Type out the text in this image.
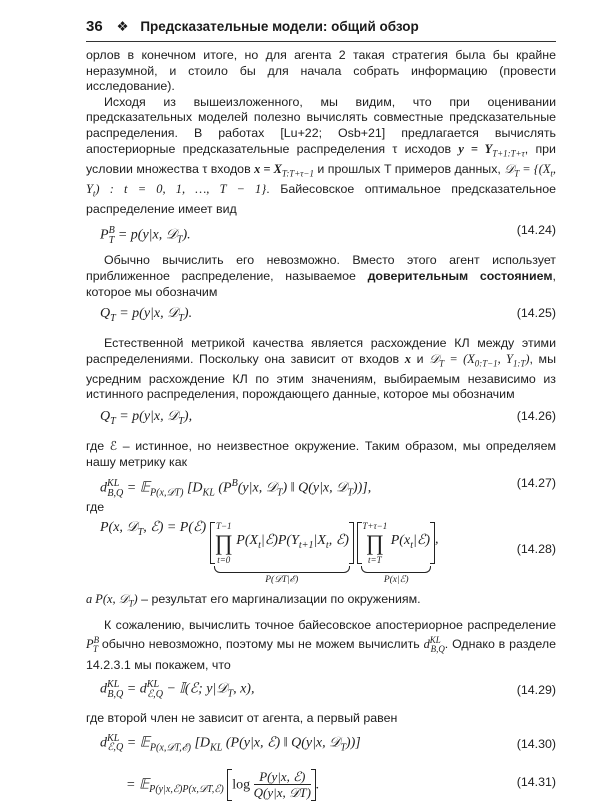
36 ❖ Предсказательные модели: общий обзор
орлов в конечном итоге, но для агента 2 такая стратегия была бы крайне неразумной, и стоило бы для начала собрать информацию (провести исследование).
Исходя из вышеизложенного, мы видим, что при оценивании предсказательных моделей полезно вычислять совместные предсказательные распределения. В работах [Lu+22; Osb+21] предлагается вычислять апостериорные предсказательные распределения τ исходов $y = Y_{T+1:T+\tau}$, при условии множества τ входов $x = X_{T:T+\tau-1}$ и прошлых T примеров данных, 𝒟$_T$ = {($X_t$, $Y_t$) : t = 0, 1, …, T − 1}. Байесовское оптимальное предсказательное распределение имеет вид
$P^B_T = p(y|x$, 𝒟$_T$).	(14.24)
Обычно вычислить его невозможно. Вместо этого агент использует приближенное распределение, называемое доверительным состоянием, которое мы обозначим
$Q_T = p(y|x$, 𝒟$_T$).	(14.25)
Естественной метрикой качества является расхождение КЛ между этими распределениями. Поскольку она зависит от входов x и 𝒟$_T$ = ($X_{0:T-1}$, $Y_{1:T}$), мы усредним расхождение КЛ по этим значениям, выбираемым независимо из истинного распределения, порождающего данные, которое мы обозначим
$Q_T = p(y|x$, 𝒟$_T$),	(14.26)
где ℰ – истинное, но неизвестное окружение. Таким образом, мы определяем нашу метрику как
$d^{KL}_{B,Q}$ = 𝔼$_{P(x,𝒟T)}$ [$D_{KL}$ ($P^B(y|x$, 𝒟$_T$) ‖ Q(y|x, 𝒟$_T$))],	(14.27)
где
P(x, 𝒟$_T$, ℰ) = P(ℰ) T−1
∏
t=0
$P(X_t|ℰ)P(Y_{t+1}|X_t$, ℰ)
P(𝒟T|ℰ)

T+τ−1
∏
t=T
$P(x_t|ℰ)$
P(x|ℰ)
,
(14.28)
a P(x, 𝒟$_T$) – результат его маргинализации по окружениям.
К сожалению, вычислить точное байесовское апостериорное распределение $P^B_T$ обычно невозможно, поэтому мы не можем вычислить $d^{KL}_{B,Q}$. Однако в разделе 14.2.3.1 мы покажем, что
$d^{KL}_{B,Q} = d^{KL}_{ℰ,Q}$ − 𝕀(ℰ; y|𝒟$_T$, x),	(14.29)
где второй член не зависит от агента, а первый равен
$d^{KL}_{ℰ,Q}$ = 𝔼$_{P(x,𝒟T,ℰ)}$ [$D_{KL}$ (P(y|x, ℰ) ‖ Q(y|x, 𝒟$_T$))]	(14.30)
= 𝔼$_{P(y|x,ℰ)P(x,𝒟T,ℰ)}$ $\log \frac{\text{P(y|x, ℰ)}}{\text{Q(y|x, 𝒟T)}}$ .	(14.31)
